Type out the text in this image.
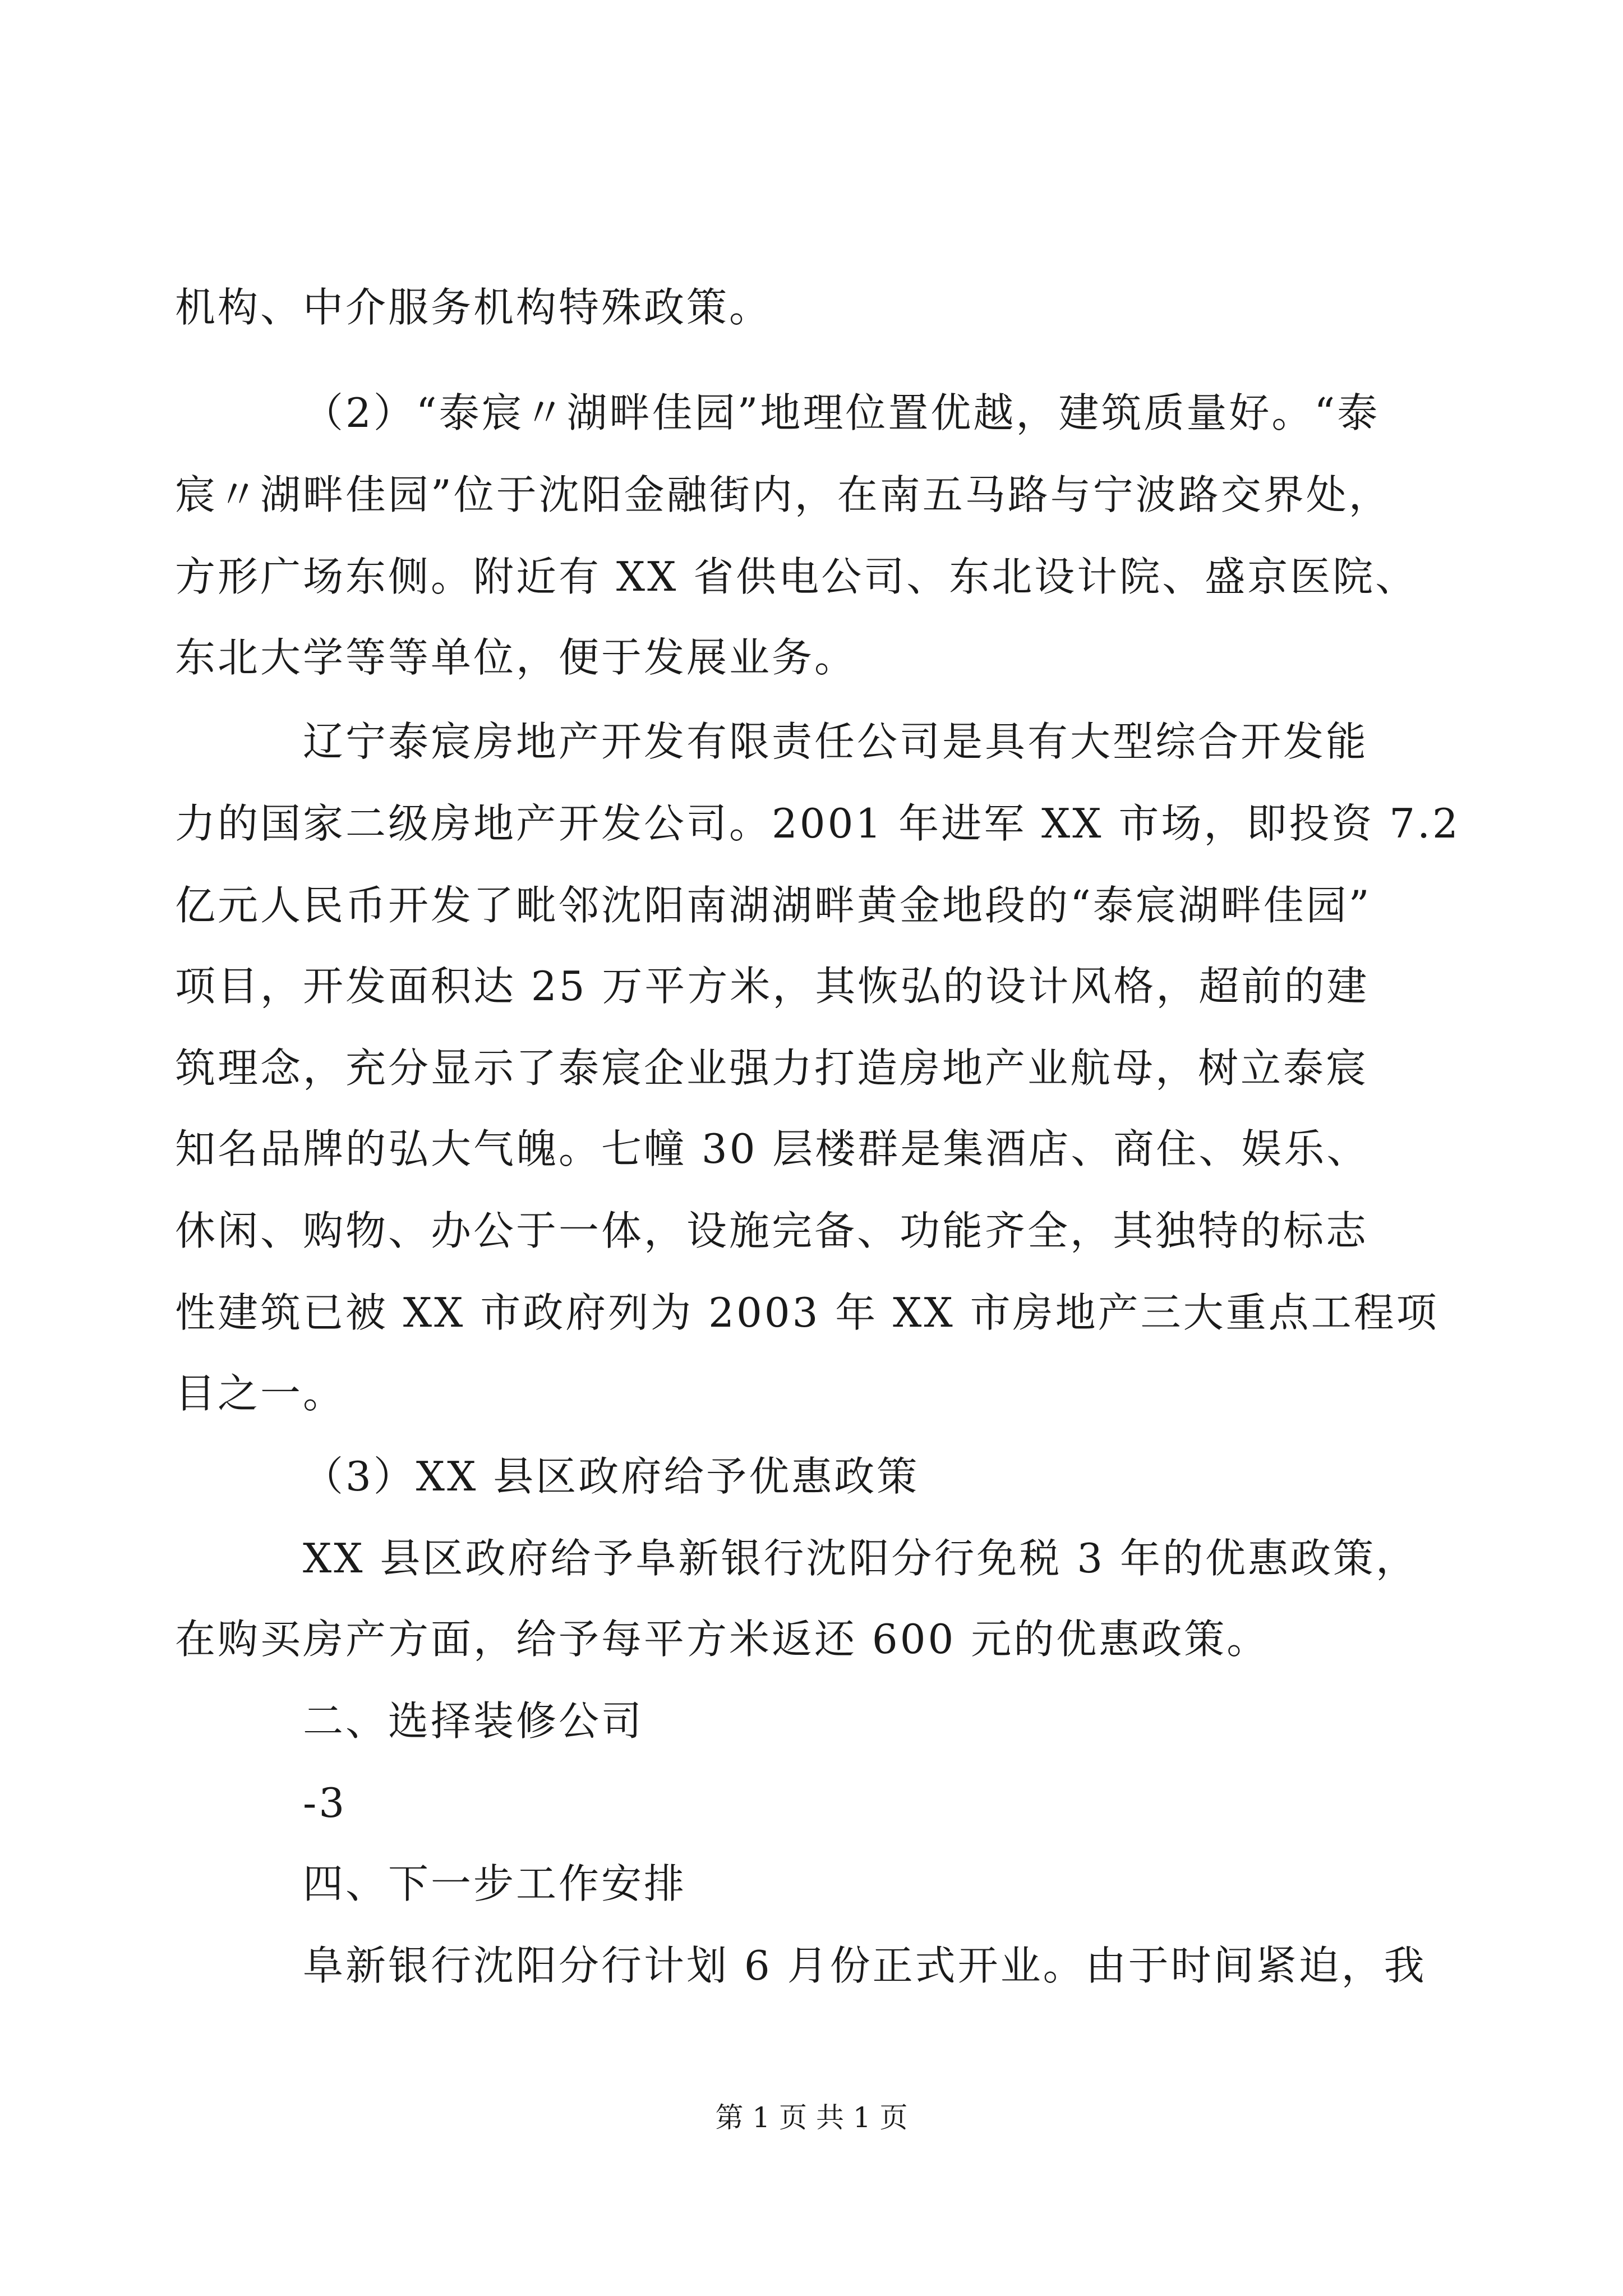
机构、中介服务机构特殊政策。
（2）“泰宸〃湖畔佳园”地理位置优越，建筑质量好。“泰
宸〃湖畔佳园”位于沈阳金融街内，在南五马路与宁波路交界处，
方形广场东侧。附近有 XX 省供电公司、东北设计院、盛京医院、
东北大学等等单位，便于发展业务。
辽宁泰宸房地产开发有限责任公司是具有大型综合开发能
力的国家二级房地产开发公司。2001 年进军 XX 市场，即投资 7.2
亿元人民币开发了毗邻沈阳南湖湖畔黄金地段的“泰宸湖畔佳园”
项目，开发面积达 25 万平方米，其恢弘的设计风格，超前的建
筑理念，充分显示了泰宸企业强力打造房地产业航母，树立泰宸
知名品牌的弘大气魄。七幢 30 层楼群是集酒店、商住、娱乐、
休闲、购物、办公于一体，设施完备、功能齐全，其独特的标志
性建筑已被 XX 市政府列为 2003 年 XX 市房地产三大重点工程项
目之一。
（3）XX 县区政府给予优惠政策
XX 县区政府给予阜新银行沈阳分行免税 3 年的优惠政策，
在购买房产方面，给予每平方米返还 600 元的优惠政策。
二、选择装修公司
-3
四、下一步工作安排
阜新银行沈阳分行计划 6 月份正式开业。由于时间紧迫，我
第 1 页 共 1 页
